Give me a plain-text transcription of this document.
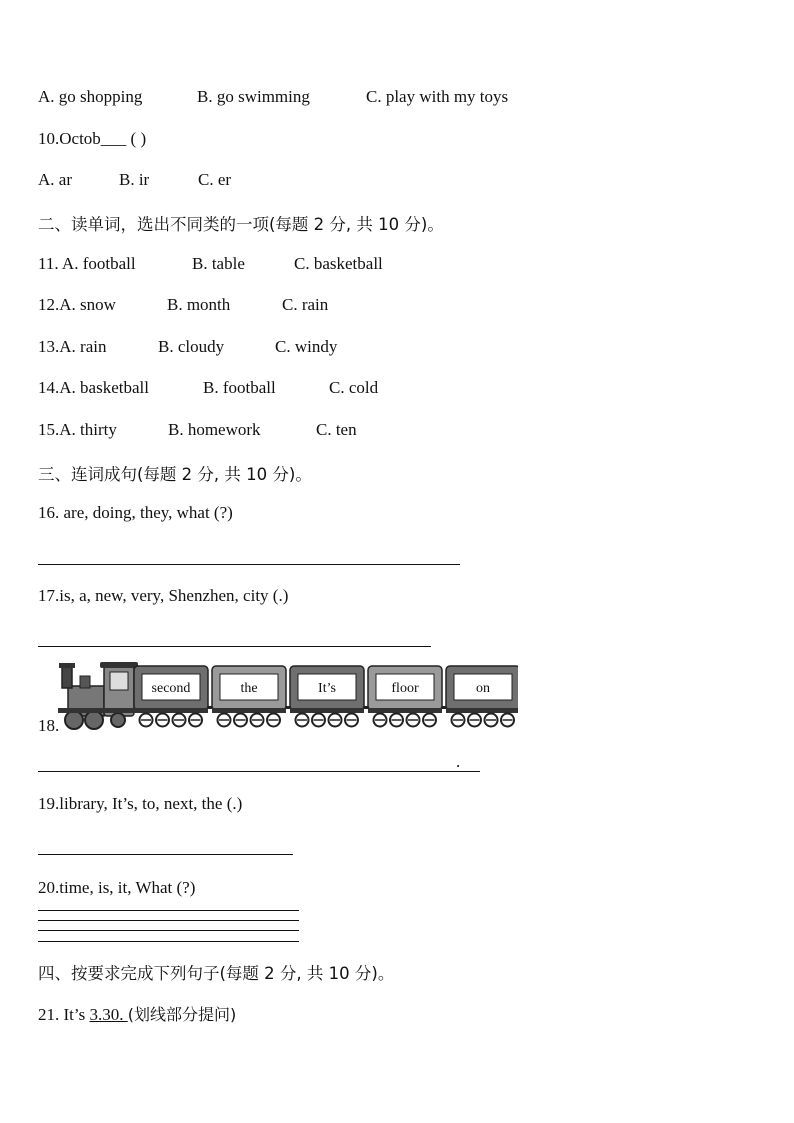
A. go shopping	B. go swimming	C. play with my toys
10.Octob___ ( )
A. ar	B. ir	C. er
二、读单词，选出不同类的一项(每题 2 分, 共 10 分)。
11. A. football	B. table	C. basketball
12.A. snow	B. month	C. rain
13.A. rain	B. cloudy	C. windy
14.A. basketball	B. football	C. cold
15.A. thirty	B. homework	C. ten
三、连词成句(每题 2 分, 共 10 分)。
16. are, doing, they, what (?)
17.is, a, new, very, Shenzhen, city (.)
18.
second	the	It’s	floor	on
.
19.library, It’s, to, next, the (.)
20.time, is, it, What (?)
四、按要求完成下列句子(每题 2 分, 共 10 分)。
21. It’s 3.30. (划线部分提问)
